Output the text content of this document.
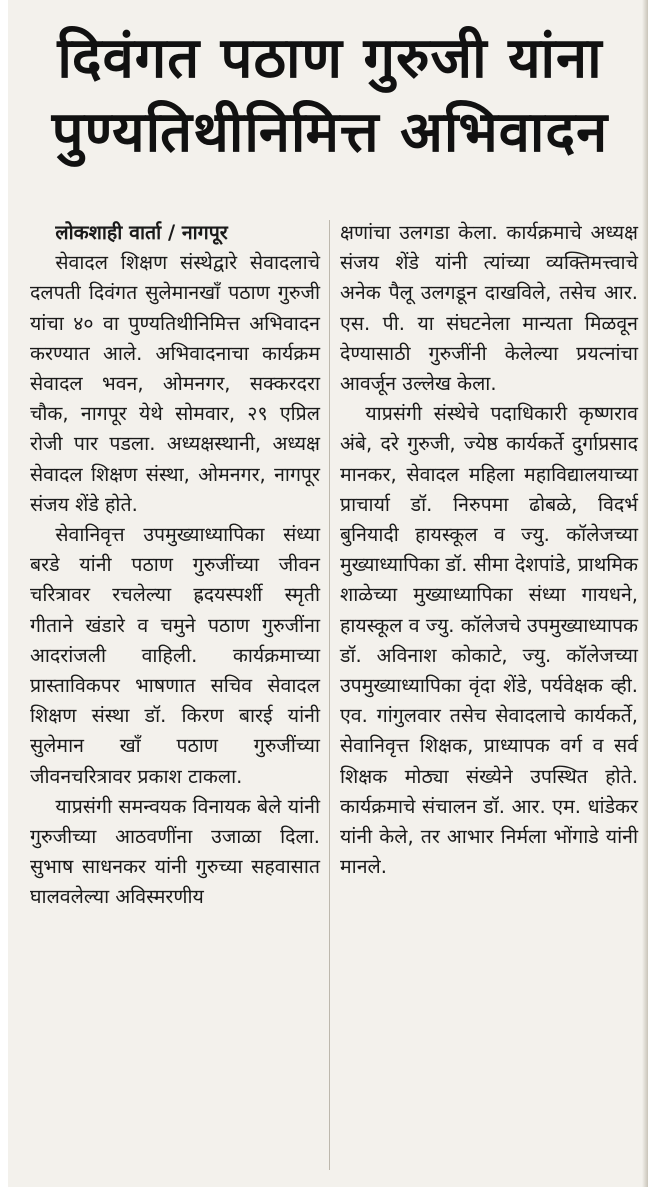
दिवंगत पठाण गुरुजी यांना
पुण्यतिथीनिमित्त अभिवादन

लोकशाही वार्ता / नागपूर

सेवादल शिक्षण संस्थेद्वारे सेवादलाचे दलपती दिवंगत सुलेमानखाँ पठाण गुरुजी यांचा ४० वा पुण्यतिथीनिमित्त अभिवादन करण्यात आले. अभिवादनाचा कार्यक्रम सेवादल भवन, ओमनगर, सक्करदरा चौक, नागपूर येथे सोमवार, २९ एप्रिल रोजी पार पडला. अध्यक्षस्थानी, अध्यक्ष सेवादल शिक्षण संस्था, ओमनगर, नागपूर संजय शेंडे होते.

सेवानिवृत्त उपमुख्याध्यापिका संध्या बरडे यांनी पठाण गुरुजींच्या जीवन चरित्रावर रचलेल्या ह्रदयस्पर्शी स्मृती गीताने खंडारे व चमुने पठाण गुरुजींना आदरांजली वाहिली. कार्यक्रमाच्या प्रास्ताविकपर भाषणात सचिव सेवादल शिक्षण संस्था डॉ. किरण बारई यांनी सुलेमान खाँ पठाण गुरुजींच्या जीवनचरित्रावर प्रकाश टाकला.

याप्रसंगी समन्वयक विनायक बेले यांनी गुरुजीच्या आठवणींना उजाळा दिला. सुभाष साधनकर यांनी गुरुच्या सहवासात घालवलेल्या अविस्मरणीय

क्षणांचा उलगडा केला. कार्यक्रमाचे अध्यक्ष संजय शेंडे यांनी त्यांच्या व्यक्तिमत्त्वाचे अनेक पैलू उलगडून दाखविले, तसेच आर. एस. पी. या संघटनेला मान्यता मिळवून देण्यासाठी गुरुजींनी केलेल्या प्रयत्नांचा आवर्जून उल्लेख केला.

याप्रसंगी संस्थेचे पदाधिकारी कृष्णराव अंबे, दरे गुरुजी, ज्येष्ठ कार्यकर्ते दुर्गाप्रसाद मानकर, सेवादल महिला महाविद्यालयाच्या प्राचार्या डॉ. निरुपमा ढोबळे, विदर्भ बुनियादी हायस्कूल व ज्यु. कॉलेजच्या मुख्याध्यापिका डॉ. सीमा देशपांडे, प्राथमिक शाळेच्या मुख्याध्यापिका संध्या गायधने, हायस्कूल व ज्यु. कॉलेजचे उपमुख्याध्यापक डॉ. अविनाश कोकाटे, ज्यु. कॉलेजच्या उपमुख्याध्यापिका वृंदा शेंडे, पर्यवेक्षक व्ही. एव. गांगुलवार तसेच सेवादलाचे कार्यकर्ते, सेवानिवृत्त शिक्षक, प्राध्यापक वर्ग व सर्व शिक्षक मोठ्या संख्येने उपस्थित होते. कार्यक्रमाचे संचालन डॉ. आर. एम. धांडेकर यांनी केले, तर आभार निर्मला भोंगाडे यांनी मानले.
